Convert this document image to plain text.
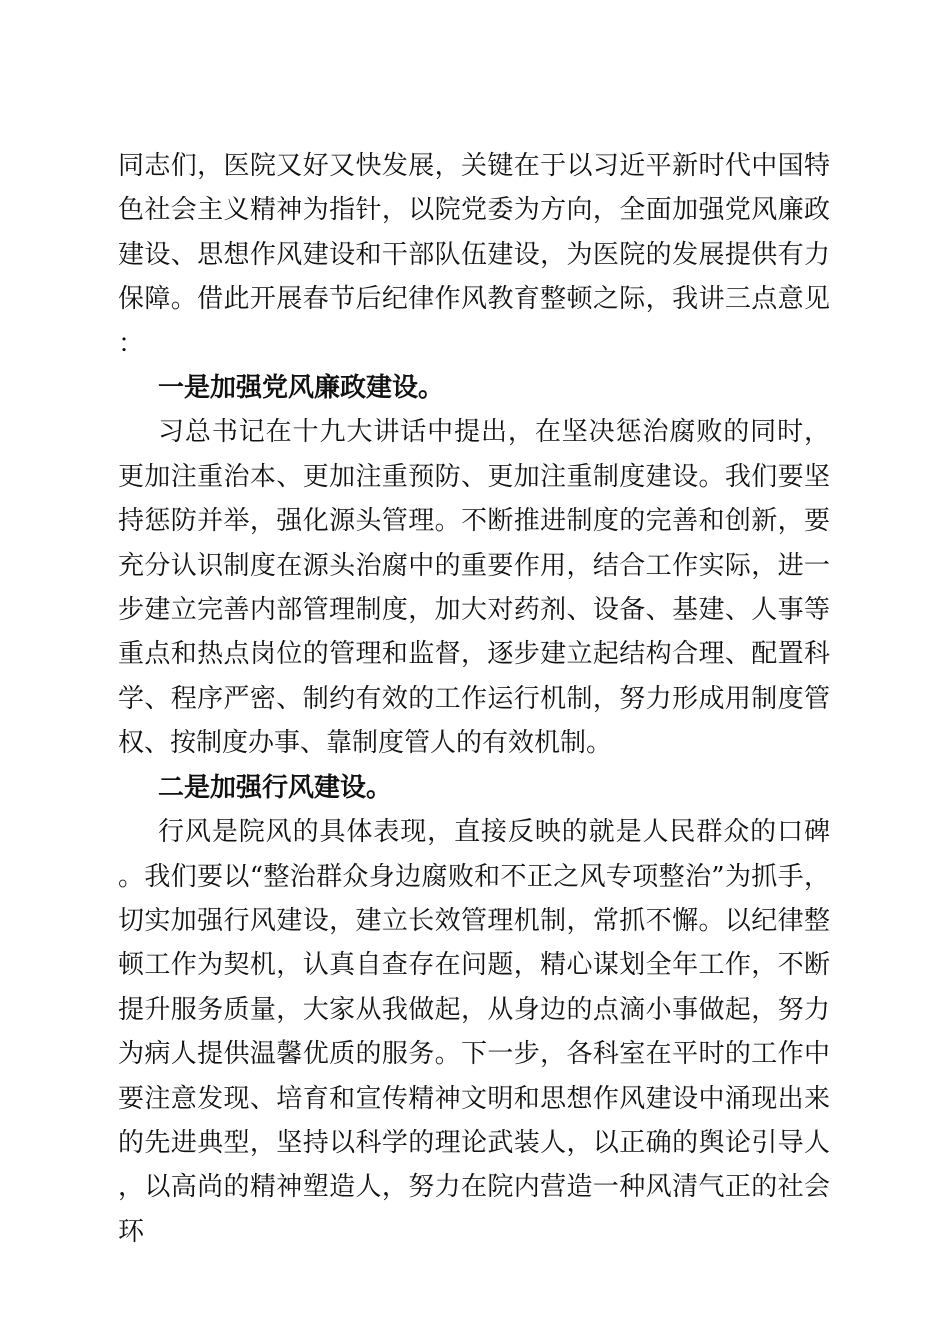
同志们，医院又好又快发展，关键在于以习近平新时代中国特色社会主义精神为指针，以院党委为方向，全面加强党风廉政建设、思想作风建设和干部队伍建设，为医院的发展提供有力保障。借此开展春节后纪律作风教育整顿之际，我讲三点意见：

一是加强党风廉政建设。

习总书记在十九大讲话中提出，在坚决惩治腐败的同时，更加注重治本、更加注重预防、更加注重制度建设。我们要坚持惩防并举，强化源头管理。不断推进制度的完善和创新，要充分认识制度在源头治腐中的重要作用，结合工作实际，进一步建立完善内部管理制度，加大对药剂、设备、基建、人事等重点和热点岗位的管理和监督，逐步建立起结构合理、配置科学、程序严密、制约有效的工作运行机制，努力形成用制度管权、按制度办事、靠制度管人的有效机制。

二是加强行风建设。

行风是院风的具体表现，直接反映的就是人民群众的口碑。我们要以“整治群众身边腐败和不正之风专项整治”为抓手，切实加强行风建设，建立长效管理机制，常抓不懈。以纪律整顿工作为契机，认真自查存在问题，精心谋划全年工作，不断提升服务质量，大家从我做起，从身边的点滴小事做起，努力为病人提供温馨优质的服务。下一步，各科室在平时的工作中要注意发现、培育和宣传精神文明和思想作风建设中涌现出来的先进典型，坚持以科学的理论武装人，以正确的舆论引导人，以高尚的精神塑造人，努力在院内营造一种风清气正的社会环
